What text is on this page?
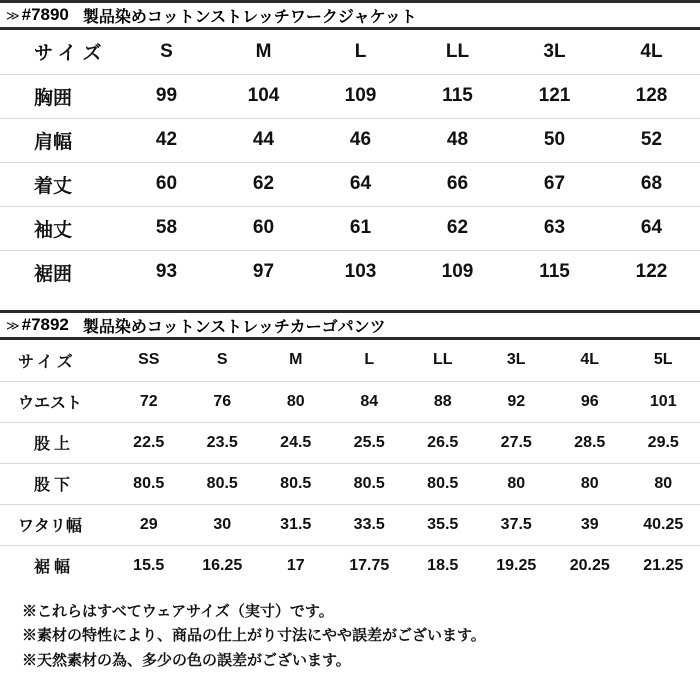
≫ #7890 製品染めコットンストレッチワークジャケット
サイズ	S	M	L	LL	3L	4L
胸囲	99	104	109	115	121	128
肩幅	42	44	46	48	50	52
着丈	60	62	64	66	67	68
袖丈	58	60	61	62	63	64
裾囲	93	97	103	109	115	122
≫ #7892 製品染めコットンストレッチカーゴパンツ
サイズ	SS	S	M	L	LL	3L	4L	5L
ウエスト	72	76	80	84	88	92	96	101
股上	22.5	23.5	24.5	25.5	26.5	27.5	28.5	29.5
股下	80.5	80.5	80.5	80.5	80.5	80	80	80
ワタリ幅	29	30	31.5	33.5	35.5	37.5	39	40.25
裾幅	15.5	16.25	17	17.75	18.5	19.25	20.25	21.25
※これらはすべてウェアサイズ（実寸）です。
※素材の特性により、商品の仕上がり寸法にやや誤差がございます。
※天然素材の為、多少の色の誤差がございます。
